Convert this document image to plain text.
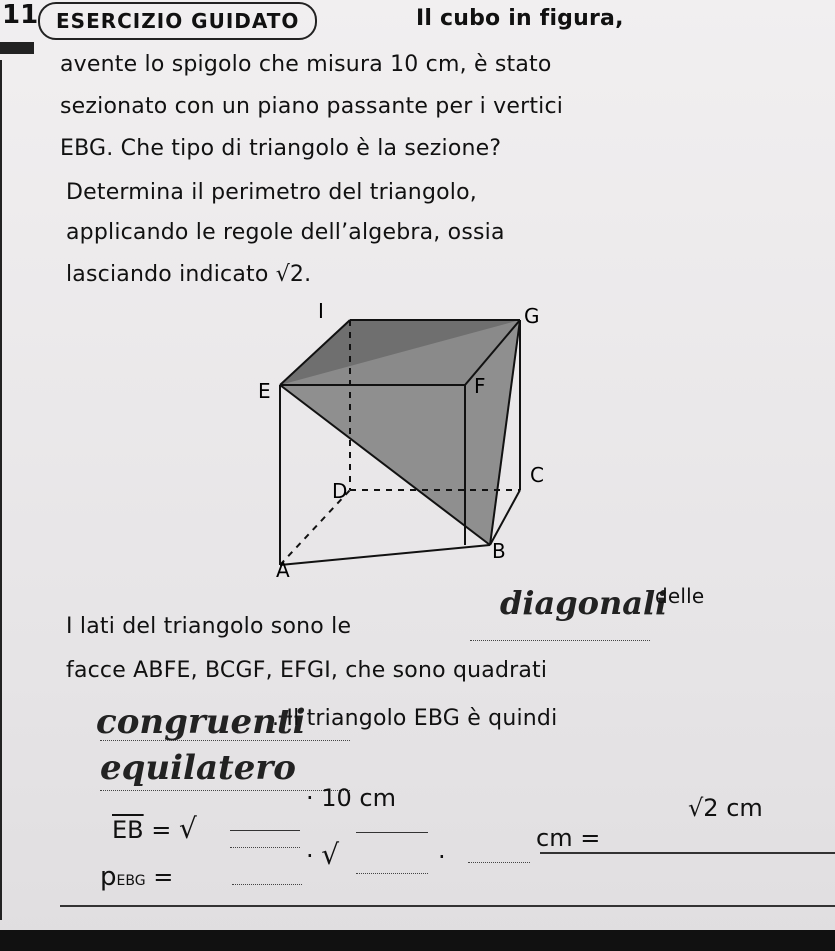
11 ESERCIZIO GUIDATO	Il cubo in figura,
avente lo spigolo che misura 10 cm, è stato
sezionato con un piano passante per i vertici
EBG. Che tipo di triangolo è la sezione?
Determina il perimetro del triangolo,
applicando le regole dell’algebra, ossia
lasciando indicato √2.
I	G
E	F
D
C
A
B
I lati del triangolo sono le
diagonali
delle
facce ABFE, BCGF, EFGI, che sono quadrati
congruenti
. Il triangolo EBG è quindi
equilatero
$\overline{EB}$ = √
· 10 cm
pEBG =
· √	.	cm =
√2 cm
